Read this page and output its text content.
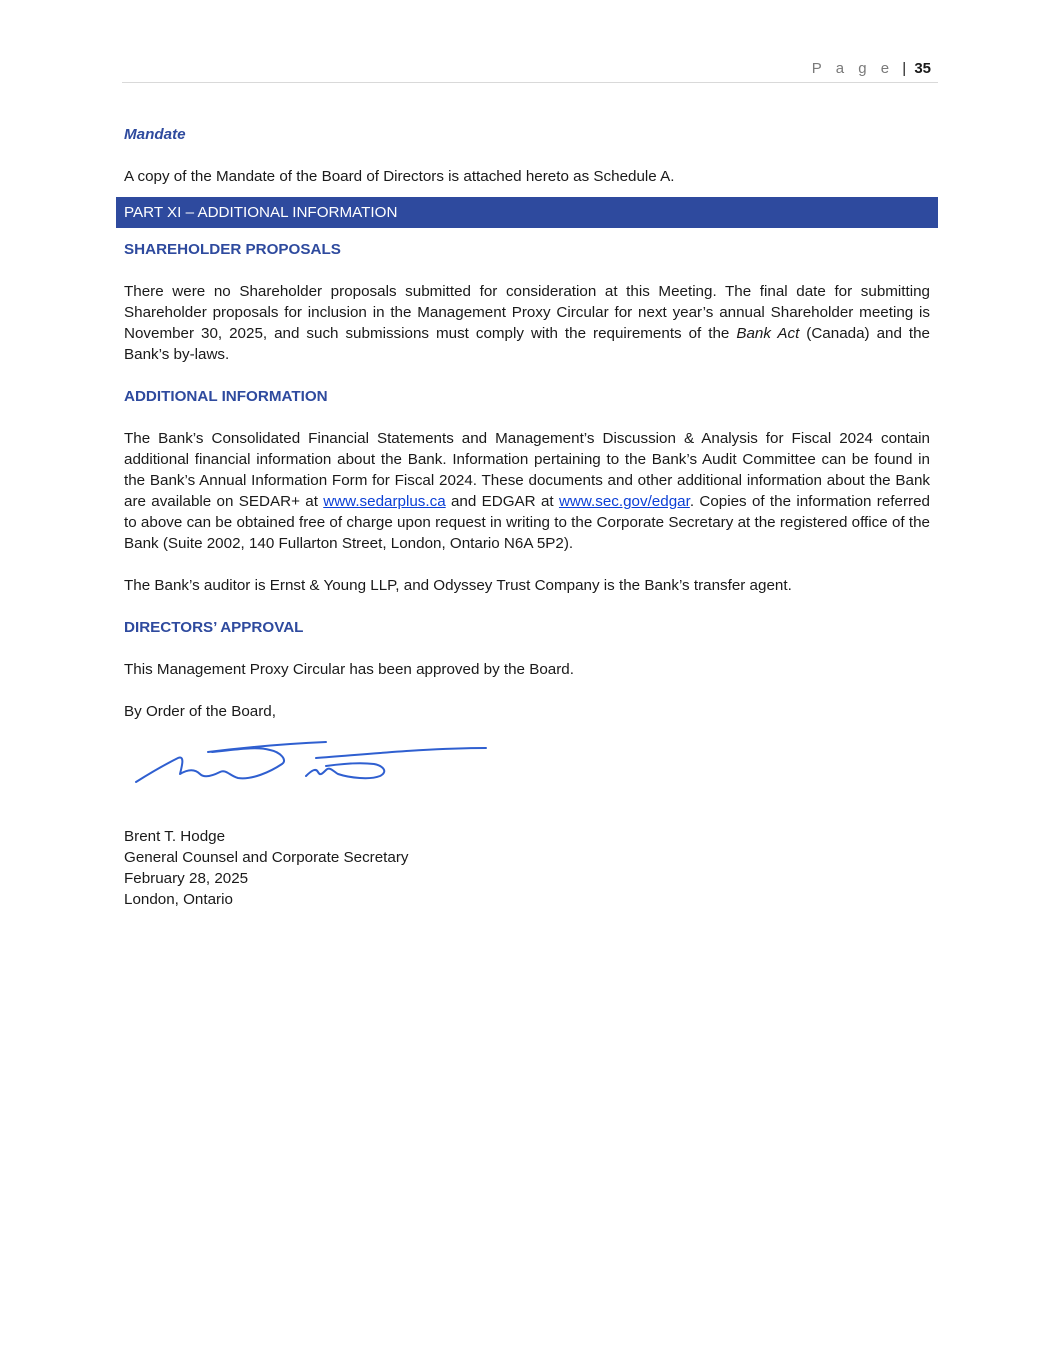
P a g e | 35

Mandate

A copy of the Mandate of the Board of Directors is attached hereto as Schedule A.

PART XI – ADDITIONAL INFORMATION

SHAREHOLDER PROPOSALS

There were no Shareholder proposals submitted for consideration at this Meeting. The final date for submitting Shareholder proposals for inclusion in the Management Proxy Circular for next year’s annual Shareholder meeting is November 30, 2025, and such submissions must comply with the requirements of the Bank Act (Canada) and the Bank’s by-laws.

ADDITIONAL INFORMATION

The Bank’s Consolidated Financial Statements and Management’s Discussion & Analysis for Fiscal 2024 contain additional financial information about the Bank. Information pertaining to the Bank’s Audit Committee can be found in the Bank’s Annual Information Form for Fiscal 2024. These documents and other additional information about the Bank are available on SEDAR+ at www.sedarplus.ca and EDGAR at www.sec.gov/edgar. Copies of the information referred to above can be obtained free of charge upon request in writing to the Corporate Secretary at the registered office of the Bank (Suite 2002, 140 Fullarton Street, London, Ontario N6A 5P2).

The Bank’s auditor is Ernst & Young LLP, and Odyssey Trust Company is the Bank’s transfer agent.

DIRECTORS’ APPROVAL

This Management Proxy Circular has been approved by the Board.

By Order of the Board,

Brent T. Hodge

General Counsel and Corporate Secretary

February 28, 2025

London, Ontario
